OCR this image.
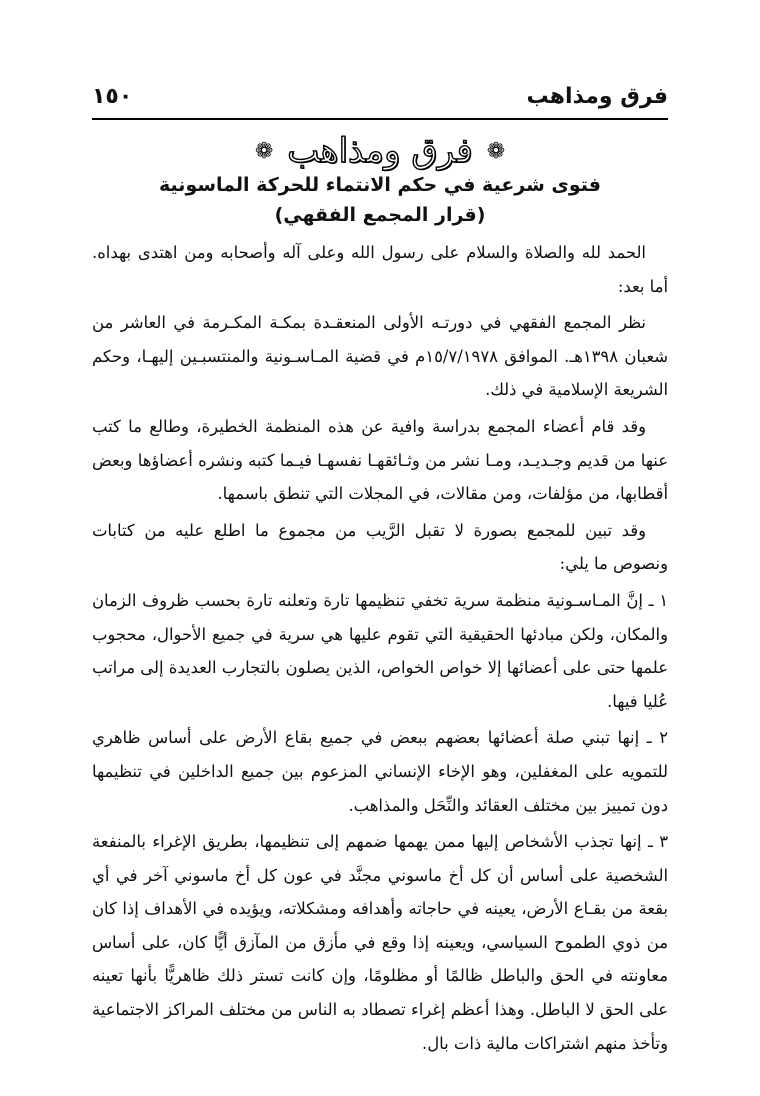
فرق ومذاهب
١٥٠
❁
فرق ومذاهب
❁
فتوى شرعية في حكم الانتماء للحركة الماسونية
(قرار المجمع الفقهي)

الحمد لله والصلاة والسلام على رسول الله وعلى آله وأصحابه ومن اهتدى بهداه. أما بعد:

نظر المجمع الفقهي في دورتـه الأولى المنعقـدة بمكـة المكـرمة في العاشر من شعبان ١٣٩٨هـ. الموافق ١٥/٧/١٩٧٨م في قضية المـاسـونية والمنتسبـين إليهـا، وحكم الشريعة الإسلامية في ذلك.

وقد قام أعضاء المجمع بدراسة وافية عن هذه المنظمة الخطيرة، وطالع ما كتب عنها من قديم وجـديـد، ومـا نشر من وثـائقهـا نفسهـا فيـما كتبه ونشره أعضاؤها وبعض أقطابها، من مؤلفات، ومن مقالات، في المجلات التي تنطق باسمها.

وقد تبين للمجمع بصورة لا تقبل الرَّيب من مجموع ما اطلع عليه من كتابات ونصوص ما يلي:

١ ـ إنَّ المـاسـونية منظمة سرية تخفي تنظيمها تارة وتعلنه تارة بحسب ظروف الزمان والمكان، ولكن مبادئها الحقيقية التي تقوم عليها هي سرية في جميع الأحوال، محجوب علمها حتى على أعضائها إلا خواص الخواص، الذين يصلون بالتجارب العديدة إلى مراتب عُليا فيها.

٢ ـ إنها تبني صلة أعضائها بعضهم ببعض في جميع بقاع الأرض على أساس ظاهري للتمويه على المغفلين، وهو الإخاء الإنساني المزعوم بين جميع الداخلين في تنظيمها دون تمييز بين مختلف العقائد والنِّحَل والمذاهب.

٣ ـ إنها تجذب الأشخاص إليها ممن يهمها ضمهم إلى تنظيمها، بطريق الإغراء بالمنفعة الشخصية على أساس أن كل أخ ماسوني مجنَّد في عون كل أخ ماسوني آخر في أي بقعة من بقـاع الأرض، يعينه في حاجاته وأهدافه ومشكلاته، ويؤيده في الأهداف إذا كان من ذوي الطموح السياسي، ويعينه إذا وقع في مأزق من المآزق أيًّا كان، على أساس معاونته في الحق والباطل ظالمًا أو مظلومًا، وإن كانت تستر ذلك ظاهريًّا بأنها تعينه على الحق لا الباطل. وهذا أعظم إغراء تصطاد به الناس من مختلف المراكز الاجتماعية وتأخذ منهم اشتراكات مالية ذات بال.
